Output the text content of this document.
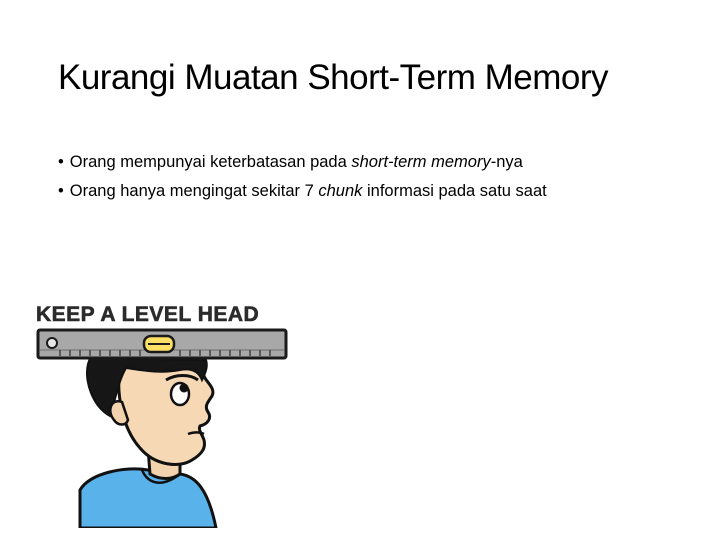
Kurangi Muatan Short-Term Memory
• Orang mempunyai keterbatasan pada short-term memory-nya
• Orang hanya mengingat sekitar 7 chunk informasi pada satu saat
KEEP A LEVEL HEAD
